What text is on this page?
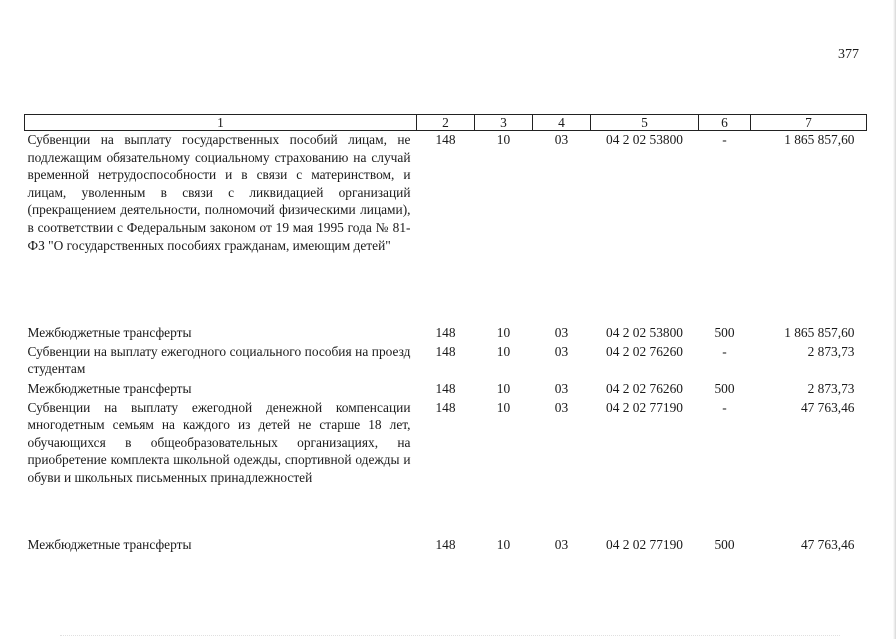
377
1	2	3	4	5	6	7
Субвенции на выплату государственных пособий лицам, не подлежащим обязательному социальному страхованию на случай временной нетрудоспособности и в связи с материнством, и лицам, уволенным в связи с ликвидацией организаций (прекращением деятельности, полномочий физическими лицами), в соответствии с Федеральным законом от 19 мая 1995 года № 81-ФЗ "О государственных пособиях гражданам, имеющим детей"	148	10	03	04 2 02 53800	-	1 865 857,60
Межбюджетные трансферты	148	10	03	04 2 02 53800	500	1 865 857,60
Субвенции на выплату ежегодного социального пособия на проезд студентам	148	10	03	04 2 02 76260	-	2 873,73
Межбюджетные трансферты	148	10	03	04 2 02 76260	500	2 873,73
Субвенции на выплату ежегодной денежной компенсации многодетным семьям на каждого из детей не старше 18 лет, обучающихся в общеобразовательных организациях, на приобретение комплекта школьной одежды, спортивной одежды и обуви и школьных письменных принадлежностей	148	10	03	04 2 02 77190	-	47 763,46
Межбюджетные трансферты	148	10	03	04 2 02 77190	500	47 763,46
